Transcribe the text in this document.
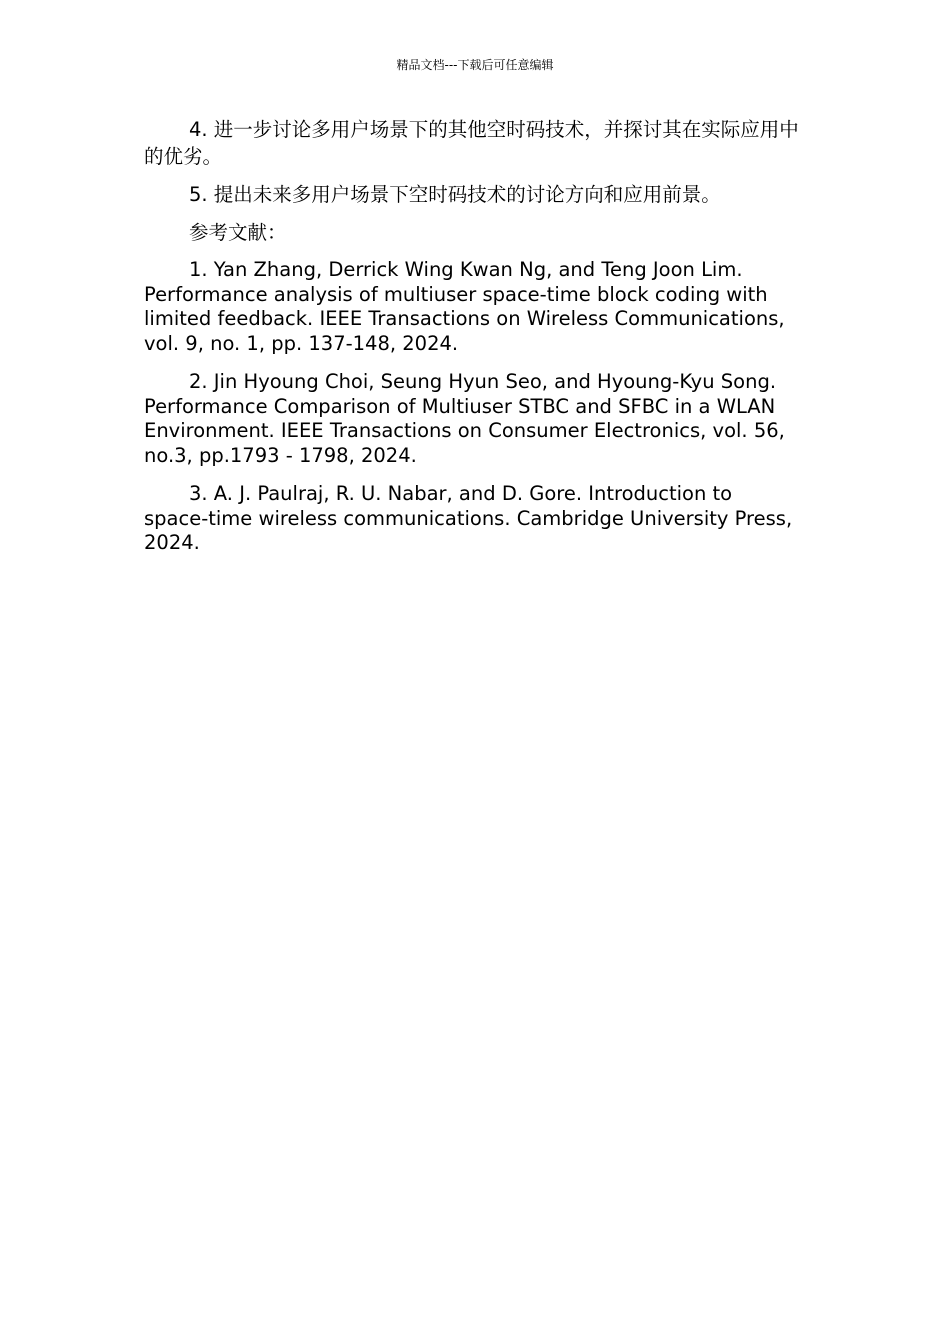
精品文档---下载后可任意编辑

4. 进一步讨论多用户场景下的其他空时码技术，并探讨其在实际应用中的优劣。

5. 提出未来多用户场景下空时码技术的讨论方向和应用前景。

参考文献：

1. Yan Zhang, Derrick Wing Kwan Ng, and Teng Joon Lim. Performance analysis of multiuser space-time block coding with limited feedback. IEEE Transactions on Wireless Communications, vol. 9, no. 1, pp. 137-148, 2024.

2. Jin Hyoung Choi, Seung Hyun Seo, and Hyoung-Kyu Song. Performance Comparison of Multiuser STBC and SFBC in a WLAN Environment. IEEE Transactions on Consumer Electronics, vol. 56, no.3, pp.1793 - 1798, 2024.

3. A. J. Paulraj, R. U. Nabar, and D. Gore. Introduction to space-time wireless communications. Cambridge University Press, 2024.
